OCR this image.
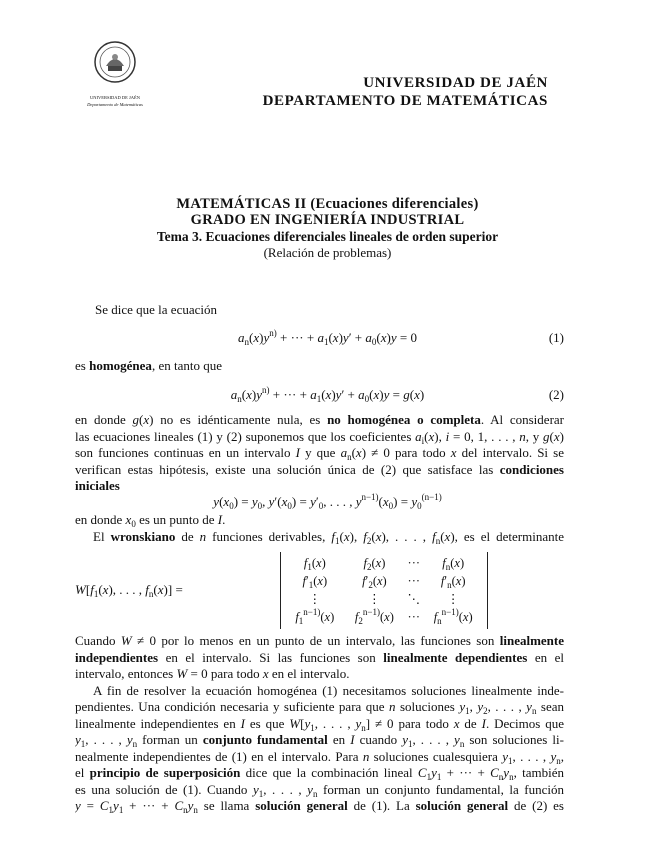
UNIVERSIDAD DE JAÉN
Departamento de Matemáticas
UNIVERSIDAD DE JAÉN
DEPARTAMENTO DE MATEMÁTICAS
MATEMÁTICAS II (Ecuaciones diferenciales)
GRADO EN INGENIERÍA INDUSTRIAL
Tema 3. Ecuaciones diferenciales lineales de orden superior
(Relación de problemas)
Se dice que la ecuación
$a_n(x)y^{n)}$ + ··· + $a_1(x)y' + a_0(x)y = 0$	(1)
es homogénea, en tanto que
$a_n(x)y^{n)}$ + ··· + $a_1(x)y' + a_0(x)y = g(x)$	(2)
en donde g(x) no es idénticamente nula, es no homogénea o completa. Al considerar
las ecuaciones lineales (1) y (2) suponemos que los coeficientes $a_i(x)$, i = 0, 1, . . . , n, y g(x)
son funciones continuas en un intervalo I y que $a_n(x) \ne 0$ para todo x del intervalo. Si se
verifican estas hipótesis, existe una solución única de (2) que satisface las condiciones
iniciales
$y(x_0) = y_0$, $y'(x_0) = y'_0$, . . . , $y^{n-1)}(x_0) = y_0^{(n-1)}$
en donde $x_0$ es un punto de I.
El wronskiano de n funciones derivables, $f_1(x)$, $f_2(x)$, . . . , $f_n(x)$, es el determinante
$W[f_1(x)$, . . . , $f_n(x)$] =
$f_1(x)$	$f_2(x)$	···	$f_n(x)$
$f'_1(x)$	$f'_2(x)$	···	$f'_n(x)$
⋮	⋮	⋱	⋮
$f_1^{n-1)}(x)$	$f_2^{n-1)}(x)$	···	$f_n^{n-1)}(x)$
Cuando W ≠ 0 por lo menos en un punto de un intervalo, las funciones son linealmente
independientes en el intervalo. Si las funciones son linealmente dependientes en el
intervalo, entonces W = 0 para todo x en el intervalo.
A fin de resolver la ecuación homogénea (1) necesitamos soluciones linealmente inde-
pendientes. Una condición necesaria y suficiente para que n soluciones $y_1$, $y_2$, . . . , $y_n$ sean
linealmente independientes en I es que $W[y_1$, . . . , $y_n] \ne 0$ para todo x de I. Decimos que
$y_1$, . . . , $y_n$ forman un conjunto fundamental en I cuando $y_1$, . . . , $y_n$ son soluciones li-
nealmente independientes de (1) en el intervalo. Para n soluciones cualesquiera $y_1$, . . . , $y_n$,
el principio de superposición dice que la combinación lineal $C_1y_1$ + ··· + $C_ny_n$, también
es una solución de (1). Cuando $y_1$, . . . , $y_n$ forman un conjunto fundamental, la función
$y = C_1y_1$ + ··· + $C_ny_n$ se llama solución general de (1). La solución general de (2) es
